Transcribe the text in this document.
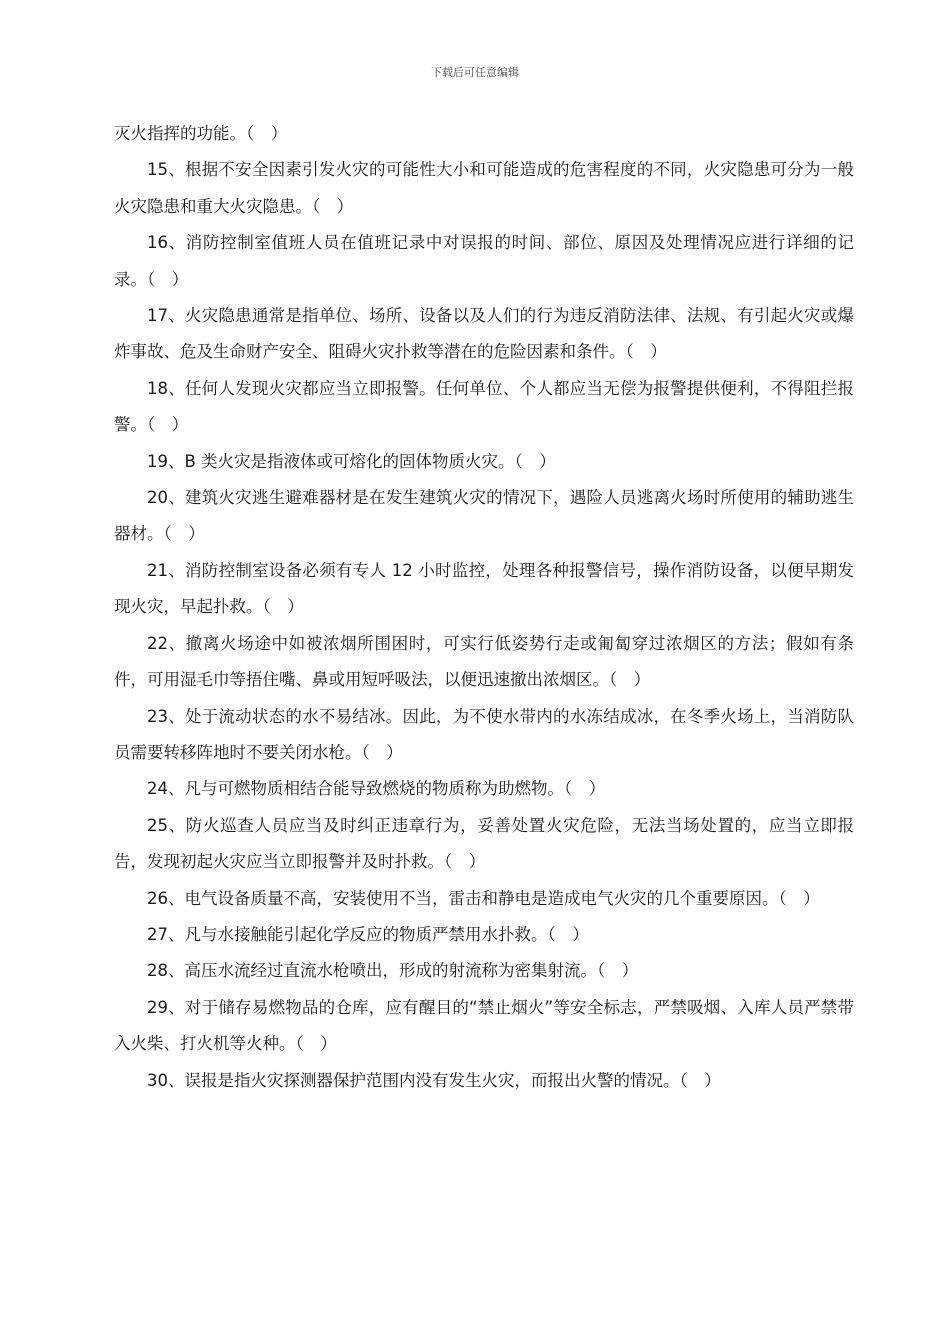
下载后可任意编辑

灭火指挥的功能。（　）

15、根据不安全因素引发火灾的可能性大小和可能造成的危害程度的不同，火灾隐患可分为一般火灾隐患和重大火灾隐患。（　）

16、消防控制室值班人员在值班记录中对误报的时间、部位、原因及处理情况应进行详细的记录。（　）

17、火灾隐患通常是指单位、场所、设备以及人们的行为违反消防法律、法规、有引起火灾或爆炸事故、危及生命财产安全、阻碍火灾扑救等潜在的危险因素和条件。（　）

18、任何人发现火灾都应当立即报警。任何单位、个人都应当无偿为报警提供便利，不得阻拦报警。（　）

19、B 类火灾是指液体或可熔化的固体物质火灾。（　）

20、建筑火灾逃生避难器材是在发生建筑火灾的情况下，遇险人员逃离火场时所使用的辅助逃生器材。（　）

21、消防控制室设备必须有专人 12 小时监控，处理各种报警信号，操作消防设备，以便早期发现火灾，早起扑救。（　）

22、撤离火场途中如被浓烟所围困时，可实行低姿势行走或匍匐穿过浓烟区的方法；假如有条件，可用湿毛巾等捂住嘴、鼻或用短呼吸法，以便迅速撤出浓烟区。（　）

23、处于流动状态的水不易结冰。因此，为不使水带内的水冻结成冰，在冬季火场上，当消防队员需要转移阵地时不要关闭水枪。（　）

24、凡与可燃物质相结合能导致燃烧的物质称为助燃物。（　）

25、防火巡查人员应当及时纠正违章行为，妥善处置火灾危险，无法当场处置的，应当立即报告，发现初起火灾应当立即报警并及时扑救。（　）

26、电气设备质量不高，安装使用不当，雷击和静电是造成电气火灾的几个重要原因。（　）

27、凡与水接触能引起化学反应的物质严禁用水扑救。（　）

28、高压水流经过直流水枪喷出，形成的射流称为密集射流。（　）

29、对于储存易燃物品的仓库，应有醒目的“禁止烟火”等安全标志，严禁吸烟、入库人员严禁带入火柴、打火机等火种。（　）

30、误报是指火灾探测器保护范围内没有发生火灾，而报出火警的情况。（　）
